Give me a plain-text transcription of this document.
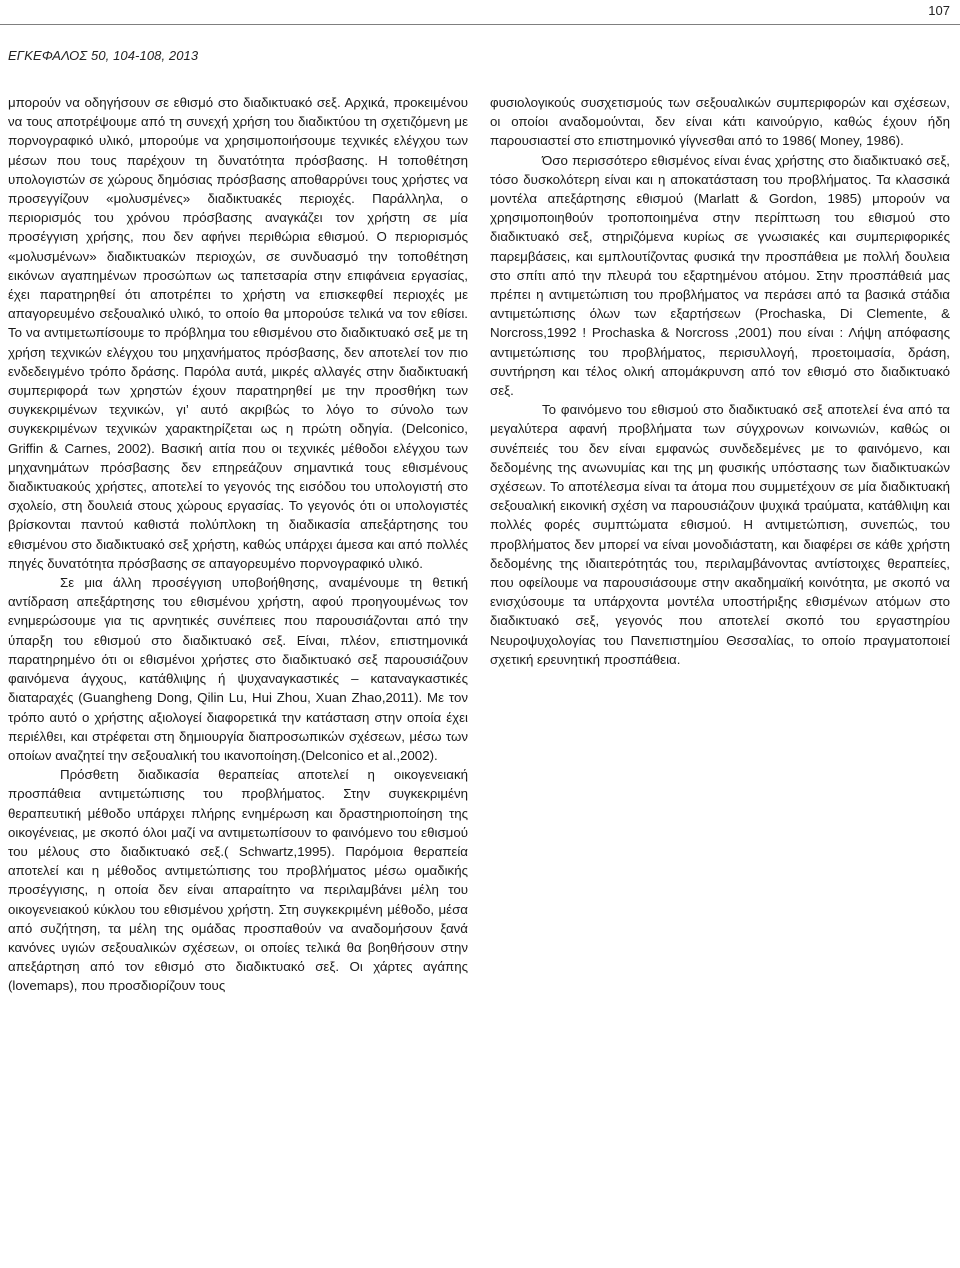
107
ΕΓΚΕΦΑΛΟΣ 50, 104-108, 2013

μπορούν να οδηγήσουν σε εθισμό στο διαδικτυακό σεξ. Αρχικά, προκειμένου να τους αποτρέψουμε από τη συνεχή χρήση του διαδικτύου τη σχετιζόμενη με πορνογραφικό υλικό, μπορούμε να χρησιμοποιήσουμε τεχνικές ελέγχου των μέσων που τους παρέχουν τη δυνατότητα πρόσβασης. Η τοποθέτηση υπολογιστών σε χώρους δημόσιας πρόσβασης αποθαρρύνει τους χρήστες να προσεγγίζουν «μολυσμένες» διαδικτυακές περιοχές. Παράλληλα, ο περιορισμός του χρόνου πρόσβασης αναγκάζει τον χρήστη σε μία προσέγγιση χρήσης, που δεν αφήνει περιθώρια εθισμού. Ο περιορισμός «μολυσμένων» διαδικτυακών περιοχών, σε συνδυασμό την τοποθέτηση εικόνων αγαπημένων προσώπων ως ταπετσαρία στην επιφάνεια εργασίας, έχει παρατηρηθεί ότι αποτρέπει το χρήστη να επισκεφθεί περιοχές με απαγορευμένο σεξουαλικό υλικό, το οποίο θα μπορούσε τελικά να τον εθίσει. Το να αντιμετωπίσουμε το πρόβλημα του εθισμένου στο διαδικτυακό σεξ με τη χρήση τεχνικών ελέγχου του μηχανήματος πρόσβασης, δεν αποτελεί τον πιο ενδεδειγμένο τρόπο δράσης. Παρόλα αυτά, μικρές αλλαγές στην διαδικτυακή συμπεριφορά των χρηστών έχουν παρατηρηθεί με την προσθήκη των συγκεκριμένων τεχνικών, γι’ αυτό ακριβώς το λόγο το σύνολο των συγκεκριμένων τεχνικών χαρακτηρίζεται ως η πρώτη οδηγία. (Delconico, Griffin & Carnes, 2002). Βασική αιτία που οι τεχνικές μέθοδοι ελέγχου των μηχανημάτων πρόσβασης δεν επηρεάζουν σημαντικά τους εθισμένους διαδικτυακούς χρήστες, αποτελεί το γεγονός της εισόδου του υπολογιστή στο σχολείο, στη δουλειά στους χώρους εργασίας. Το γεγονός ότι οι υπολογιστές βρίσκονται παντού καθιστά πολύπλοκη τη διαδικασία απεξάρτησης του εθισμένου στο διαδικτυακό σεξ χρήστη, καθώς υπάρχει άμεσα και από πολλές πηγές δυνατότητα πρόσβασης σε απαγορευμένο πορνογραφικό υλικό.

Σε μια άλλη προσέγγιση υποβοήθησης, αναμένουμε τη θετική αντίδραση απεξάρτησης του εθισμένου χρήστη, αφού προηγουμένως τον ενημερώσουμε για τις αρνητικές συνέπειες που παρουσιάζονται από την ύπαρξη του εθισμού στο διαδικτυακό σεξ. Είναι, πλέον, επιστημονικά παρατηρημένο ότι οι εθισμένοι χρήστες στο διαδικτυακό σεξ παρουσιάζουν φαινόμενα άγχους, κατάθλιψης ή ψυχαναγκαστικές – καταναγκαστικές διαταραχές (Guangheng Dong, Qilin Lu, Hui Zhou, Xuan Zhao,2011). Με τον τρόπο αυτό ο χρήστης αξιολογεί διαφορετικά την κατάσταση στην οποία έχει περιέλθει, και στρέφεται στη δημιουργία διαπροσωπικών σχέσεων, μέσω των οποίων αναζητεί την σεξουαλική του ικανοποίηση.(Delconico et al.,2002).

Πρόσθετη διαδικασία θεραπείας αποτελεί η οικογενειακή προσπάθεια αντιμετώπισης του προβλήματος. Στην συγκεκριμένη θεραπευτική μέθοδο υπάρχει πλήρης ενημέρωση και δραστηριοποίηση της οικογένειας, με σκοπό όλοι μαζί να αντιμετωπίσουν το φαινόμενο του εθισμού του μέλους στο διαδικτυακό σεξ.( Schwartz,1995). Παρόμοια θεραπεία αποτελεί και η μέθοδος αντιμετώπισης του προβλήματος μέσω ομαδικής προσέγγισης, η οποία δεν είναι απαραίτητο να περιλαμβάνει μέλη του οικογενειακού κύκλου του εθισμένου χρήστη. Στη συγκεκριμένη μέθοδο, μέσα από συζήτηση, τα μέλη της ομάδας προσπαθούν να αναδομήσουν ξανά κανόνες υγιών σεξουαλικών σχέσεων, οι οποίες τελικά θα βοηθήσουν στην απεξάρτηση από τον εθισμό στο διαδικτυακό σεξ. Οι χάρτες αγάπης (lovemaps), που προσδιορίζουν τους

φυσιολογικούς συσχετισμούς των σεξουαλικών συμπεριφορών και σχέσεων, οι οποίοι αναδομούνται, δεν είναι κάτι καινούργιο, καθώς έχουν ήδη παρουσιαστεί στο επιστημονικό γίγνεσθαι από το 1986( Money, 1986).

Όσο περισσότερο εθισμένος είναι ένας χρήστης στο διαδικτυακό σεξ, τόσο δυσκολότερη είναι και η αποκατάσταση του προβλήματος. Τα κλασσικά μοντέλα απεξάρτησης εθισμού (Marlatt & Gordon, 1985) μπορούν να χρησιμοποιηθούν τροποποιημένα στην περίπτωση του εθισμού στο διαδικτυακό σεξ, στηριζόμενα κυρίως σε γνωσιακές και συμπεριφορικές παρεμβάσεις, και εμπλουτίζοντας φυσικά την προσπάθεια με πολλή δουλεια στο σπίτι από την πλευρά του εξαρτημένου ατόμου. Στην προσπάθειά μας πρέπει η αντιμετώπιση του προβλήματος να περάσει από τα βασικά στάδια αντιμετώπισης όλων των εξαρτήσεων (Prochaska, Di Clemente, & Norcross,1992 ! Prochaska & Norcross ,2001) που είναι : Λήψη απόφασης αντιμετώπισης του προβλήματος, περισυλλογή, προετοιμασία, δράση, συντήρηση και τέλος ολική απομάκρυνση από τον εθισμό στο διαδικτυακό σεξ.

Το φαινόμενο του εθισμού στο διαδικτυακό σεξ αποτελεί ένα από τα μεγαλύτερα αφανή προβλήματα των σύγχρονων κοινωνιών, καθώς οι συνέπειές του δεν είναι εμφανώς συνδεδεμένες με το φαινόμενο, και δεδομένης της ανωνυμίας και της μη φυσικής υπόστασης των διαδικτυακών σχέσεων. Το αποτέλεσμα είναι τα άτομα που συμμετέχουν σε μία διαδικτυακή σεξουαλική εικονική σχέση να παρουσιάζουν ψυχικά τραύματα, κατάθλιψη και πολλές φορές συμπτώματα εθισμού. Η αντιμετώπιση, συνεπώς, του προβλήματος δεν μπορεί να είναι μονοδιάστατη, και διαφέρει σε κάθε χρήστη δεδομένης της ιδιαιτερότητάς του, περιλαμβάνοντας αντίστοιχες θεραπείες, που οφείλουμε να παρουσιάσουμε στην ακαδημαϊκή κοινότητα, με σκοπό να ενισχύσουμε τα υπάρχοντα μοντέλα υποστήριξης εθισμένων ατόμων στο διαδικτυακό σεξ, γεγονός που αποτελεί σκοπό του εργαστηρίου Νευροψυχολογίας του Πανεπιστημίου Θεσσαλίας, το οποίο πραγματοποιεί σχετική ερευνητική προσπάθεια.
